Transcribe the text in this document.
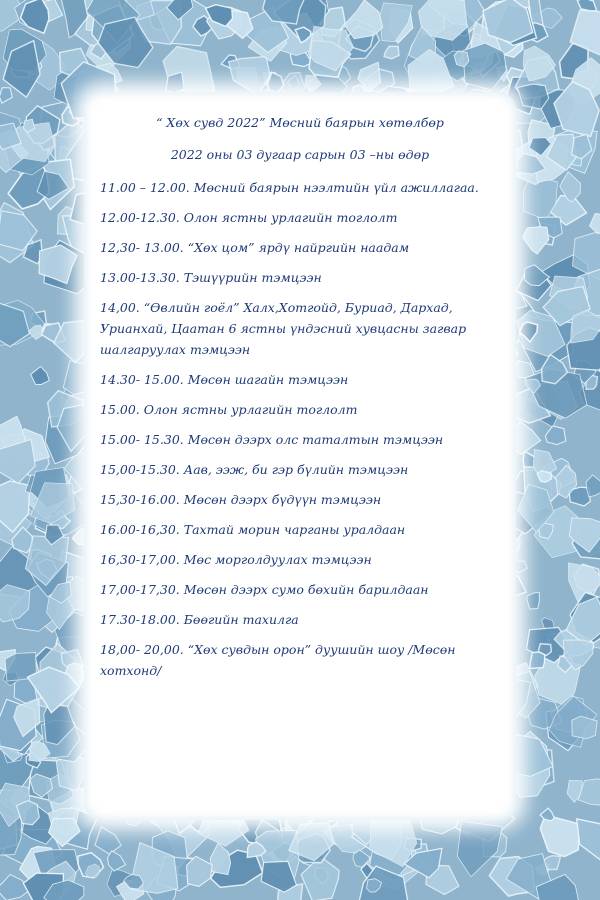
“ Хөх сувд 2022” Мөсний баярын хөтөлбөр
2022 оны 03 дугаар сарын 03 –ны өдөр
11.00 – 12.00. Мөсний баярын нээлтийн үйл ажиллагаа.
12.00-12.30. Олон ястны урлагийн тоглолт
12,30- 13.00. “Хөх цом” ярдү найргийн наадам
13.00-13.30. Тэшүүрийн тэмцээн
14,00. “Өвлийн гоёл” Халх,Хотгойд, Буриад, Дархад, Урианхай, Цаатан 6 ястны үндэсний хувцасны загвар шалгаруулах тэмцээн
14.30- 15.00. Мөсөн шагайн тэмцээн
15.00. Олон ястны урлагийн тоглолт
15.00- 15.30. Мөсөн дээрх олс таталтын тэмцээн
15,00-15.30. Аав, ээж, би гэр бүлийн тэмцээн
15,30-16.00. Мөсөн дээрх бүдүүн тэмцээн
16.00-16,30. Тахтай морин чарганы уралдаан
16,30-17,00. Мөс морголдуулах тэмцээн
17,00-17,30. Мөсөн дээрх сумо бөхийн барилдаан
17.30-18.00. Бөөгийн тахилга
18,00- 20,00. “Хөх сувдын орон” дуушийн шоу /Мөсөн хотхонд/
